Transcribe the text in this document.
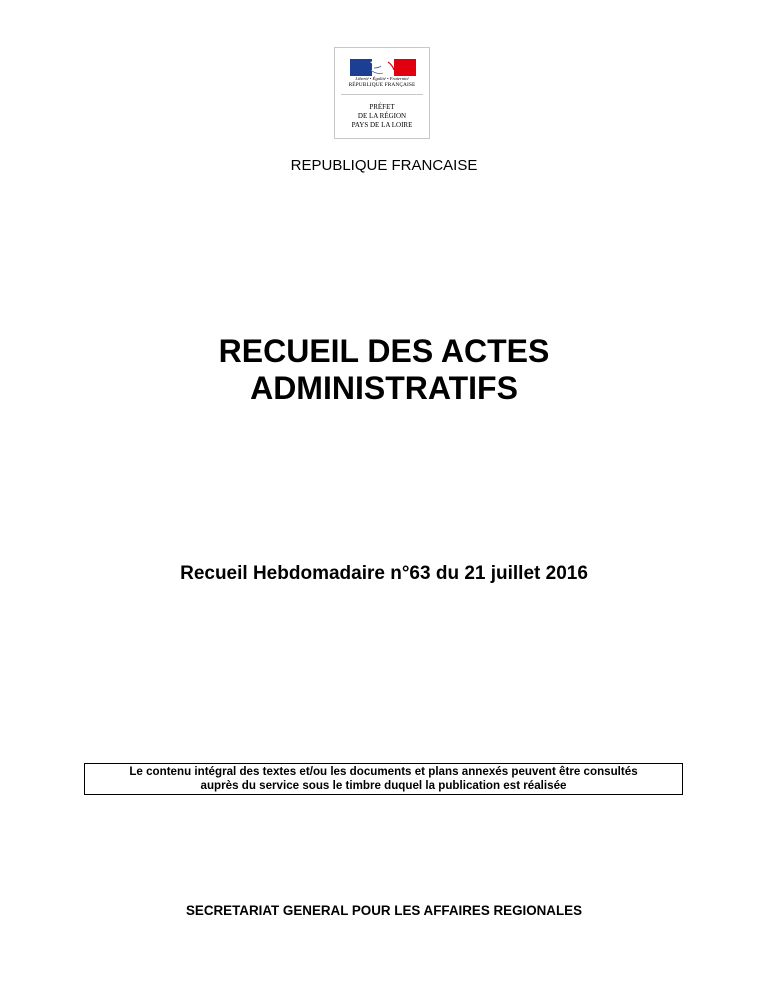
Liberté • Égalité • Fraternité
RÉPUBLIQUE FRANÇAISE
PRÉFET
DE LA RÉGION
PAYS DE LA LOIRE
REPUBLIQUE FRANCAISE
RECUEIL DES ACTES
ADMINISTRATIFS
Recueil Hebdomadaire n°63 du 21 juillet 2016
Le contenu intégral des textes et/ou les documents et plans annexés peuvent être consultés
auprès du service sous le timbre duquel la publication est réalisée
SECRETARIAT GENERAL POUR LES AFFAIRES REGIONALES
